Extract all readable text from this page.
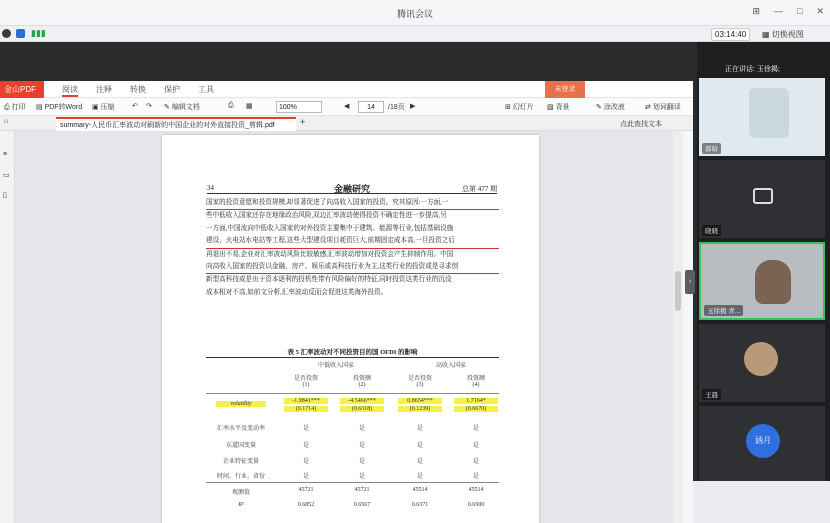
腾讯会议	⊞ — □ ✕
▮▮▮	03:14:40	▦ 切换视图
金山PDF	阅读 注释 转换 保护 工具	未登录
⎙ 打印 ▤ PDF转Word ▣ 压缩 ↶ ↷ ✎ 编辑文档	⎙ ▦	100%	◀	14	/18页 ▶	⊞ 幻灯片 ▧ 背景	✎ 涂改液	⇄ 划词翻译
⌂
summary-人民币汇率波动对刷新的中国企业的对外直接投资_剪辑.pdf	+	点此查找文本
≡
▭
▯
34	金融研究	总第 477 期
国家的投资意愿和投资规模,却显著促进了向高收入国家的投资。究其原因:一方面,一
些中低收入国家还存在地缘政治风险,双边汇率波动使得投资不确定性进一步提高,另
一方面,中国流向中低收入国家的对外投资主要集中于建筑、能源等行业,包括基础设施
建设、火电站水电站等工程,这些大型建设项目耗资巨大,前期固定成本高,一旦投资之后
再退出不易,企业对汇率波动风险比较敏感,汇率波动增加对投资会产生抑制作用。中国
向高收入国家的投资以金融、房产、娱乐或高科技行业为主,这类行业的投资或是寻求创
新型高科技或是出于资本逐利的投机性带有风险偏好的特征,同时投资这类行业的沉没
成本相对不高,如前文分析,汇率波动反而会促进这类海外投资。
表 5 汇率波动对不同投资目的国 OFDI 的影响
中低收入国家	高收入国家
是否投资	投资额	是否投资	投资额
(1)	(2)	(3)	(4)
volatility	-1.9841***	-4.5466***	0.8654***	1.7164*
(0.1714)	(0.6318)	(0.1239)	(0.6670)
汇率水平及变动率	是	是	是	是
东道国变量	是	是	是	是
企业特征变量	是	是	是	是
时间、行业、省份	是	是	是	是
观测值	45721	45721	45514	45514
R²	0.6852	0.6567	0.6371	0.6500
›
正在讲话: 玉徐揭;
郝晗
晓晓
玉徐揭 青...
王晨
涵月
